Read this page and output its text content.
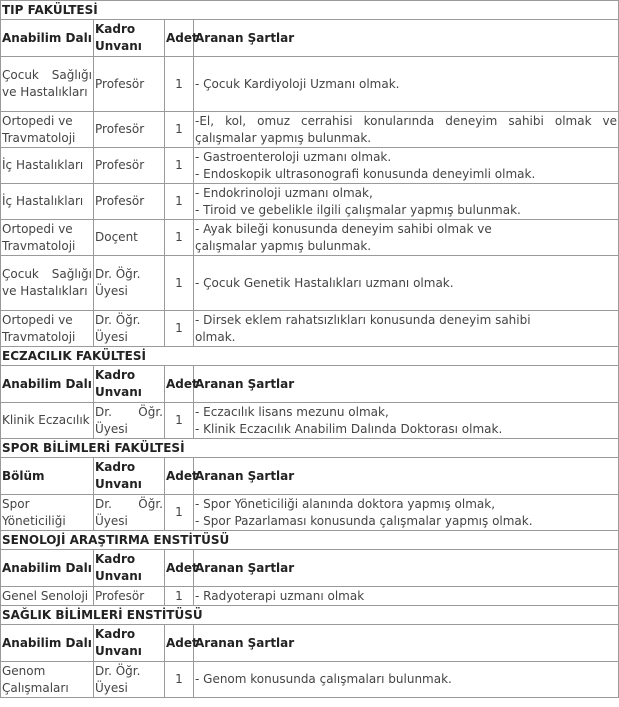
TIP FAKÜLTESİ			
Anabilim Dalı	Kadro Unvanı	Adet	Aranan Şartlar
Çocuk Sağlığı ve Hastalıkları	Profesör	1	- Çocuk Kardiyoloji Uzmanı olmak.
Ortopedi ve Travmatoloji	Profesör	1	-El, kol, omuz cerrahisi konularında deneyim sahibi olmak ve çalışmalar yapmış bulunmak.
İç Hastalıkları	Profesör	1	- Gastroenteroloji uzmanı olmak.
- Endoskopik ultrasonografi konusunda deneyimli olmak.
İç Hastalıkları	Profesör	1	- Endokrinoloji uzmanı olmak,
- Tiroid ve gebelikle ilgili çalışmalar yapmış bulunmak.
Ortopedi ve Travmatoloji	Doçent	1	- Ayak bileği konusunda deneyim sahibi olmak ve
çalışmalar yapmış bulunmak.
Çocuk Sağlığı ve Hastalıkları	Dr. Öğr. Üyesi	1	- Çocuk Genetik Hastalıkları uzmanı olmak.
Ortopedi ve Travmatoloji	Dr. Öğr. Üyesi	1	- Dirsek eklem rahatsızlıkları konusunda deneyim sahibi
olmak.
ECZACILIK FAKÜLTESİ			
Anabilim Dalı	Kadro Unvanı	Adet	Aranan Şartlar
Klinik Eczacılık	Dr. Öğr. Üyesi	1	- Eczacılık lisans mezunu olmak,
- Klinik Eczacılık Anabilim Dalında Doktorası olmak.
SPOR BİLİMLERİ FAKÜLTESİ			
Bölüm	Kadro Unvanı	Adet	Aranan Şartlar
Spor Yöneticiliği	Dr. Öğr. Üyesi	1	- Spor Yöneticiliği alanında doktora yapmış olmak,
- Spor Pazarlaması konusunda çalışmalar yapmış olmak.
SENOLOJİ ARAŞTIRMA ENSTİTÜSÜ			
Anabilim Dalı	Kadro Unvanı	Adet	Aranan Şartlar
Genel Senoloji	Profesör	1	- Radyoterapi uzmanı olmak
SAĞLIK BİLİMLERİ ENSTİTÜSÜ			
Anabilim Dalı	Kadro Unvanı	Adet	Aranan Şartlar
Genom Çalışmaları	Dr. Öğr. Üyesi	1	- Genom konusunda çalışmaları bulunmak.
